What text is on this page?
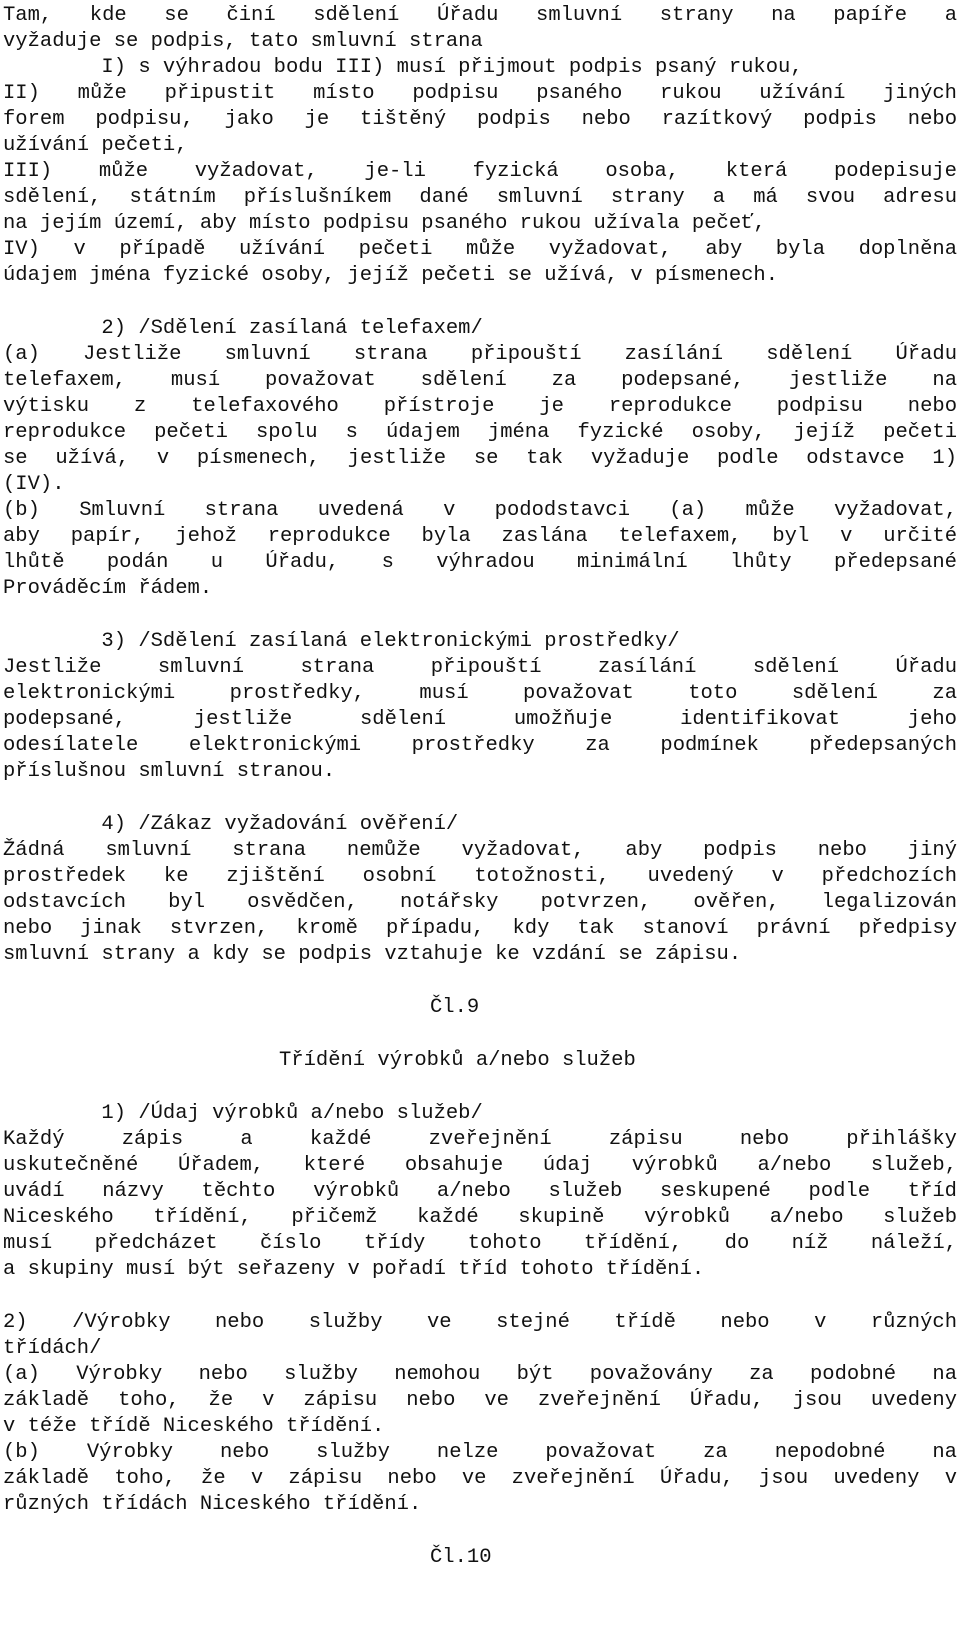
Tam, kde se činí sdělení Úřadu smluvní strany na papíře a
vyžaduje se podpis, tato smluvní strana
I) s výhradou bodu III) musí přijmout podpis psaný rukou,
II) může připustit místo podpisu psaného rukou užívání jiných
forem podpisu, jako je tištěný podpis nebo razítkový podpis nebo
užívání pečeti,
III) může vyžadovat, je-li fyzická osoba, která podepisuje
sdělení, státním příslušníkem dané smluvní strany a má svou adresu
na jejím území, aby místo podpisu psaného rukou užívala pečeť,
IV) v případě užívání pečeti může vyžadovat, aby byla doplněna
údajem jména fyzické osoby, jejíž pečeti se užívá, v písmenech.
2) /Sdělení zasílaná telefaxem/
(a) Jestliže smluvní strana připouští zasílání sdělení Úřadu
telefaxem, musí považovat sdělení za podepsané, jestliže na
výtisku z telefaxového přístroje je reprodukce podpisu nebo
reprodukce pečeti spolu s údajem jména fyzické osoby, jejíž pečeti
se užívá, v písmenech, jestliže se tak vyžaduje podle odstavce 1)
(IV).
(b) Smluvní strana uvedená v pododstavci (a) může vyžadovat,
aby papír, jehož reprodukce byla zaslána telefaxem, byl v určité
lhůtě podán u Úřadu, s výhradou minimální lhůty předepsané
Prováděcím řádem.
3) /Sdělení zasílaná elektronickými prostředky/
Jestliže smluvní strana připouští zasílání sdělení Úřadu
elektronickými prostředky, musí považovat toto sdělení za
podepsané, jestliže sdělení umožňuje identifikovat jeho
odesílatele elektronickými prostředky za podmínek předepsaných
příslušnou smluvní stranou.
4) /Zákaz vyžadování ověření/
Žádná smluvní strana nemůže vyžadovat, aby podpis nebo jiný
prostředek ke zjištění osobní totožnosti, uvedený v předchozích
odstavcích byl osvědčen, notářsky potvrzen, ověřen, legalizován
nebo jinak stvrzen, kromě případu, kdy tak stanoví právní předpisy
smluvní strany a kdy se podpis vztahuje ke vzdání se zápisu.
Čl.9
Třídění výrobků a/nebo služeb
1) /Údaj výrobků a/nebo služeb/
Každý zápis a každé zveřejnění zápisu nebo přihlášky
uskutečněné Úřadem, které obsahuje údaj výrobků a/nebo služeb,
uvádí názvy těchto výrobků a/nebo služeb seskupené podle tříd
Niceského třídění, přičemž každé skupině výrobků a/nebo služeb
musí předcházet číslo třídy tohoto třídění, do níž náleží,
a skupiny musí být seřazeny v pořadí tříd tohoto třídění.
2) /Výrobky nebo služby ve stejné třídě nebo v různých
třídách/
(a) Výrobky nebo služby nemohou být považovány za podobné na
základě toho, že v zápisu nebo ve zveřejnění Úřadu, jsou uvedeny
v téže třídě Niceského třídění.
(b) Výrobky nebo služby nelze považovat za nepodobné na
základě toho, že v zápisu nebo ve zveřejnění Úřadu, jsou uvedeny v
různých třídách Niceského třídění.
Čl.10
